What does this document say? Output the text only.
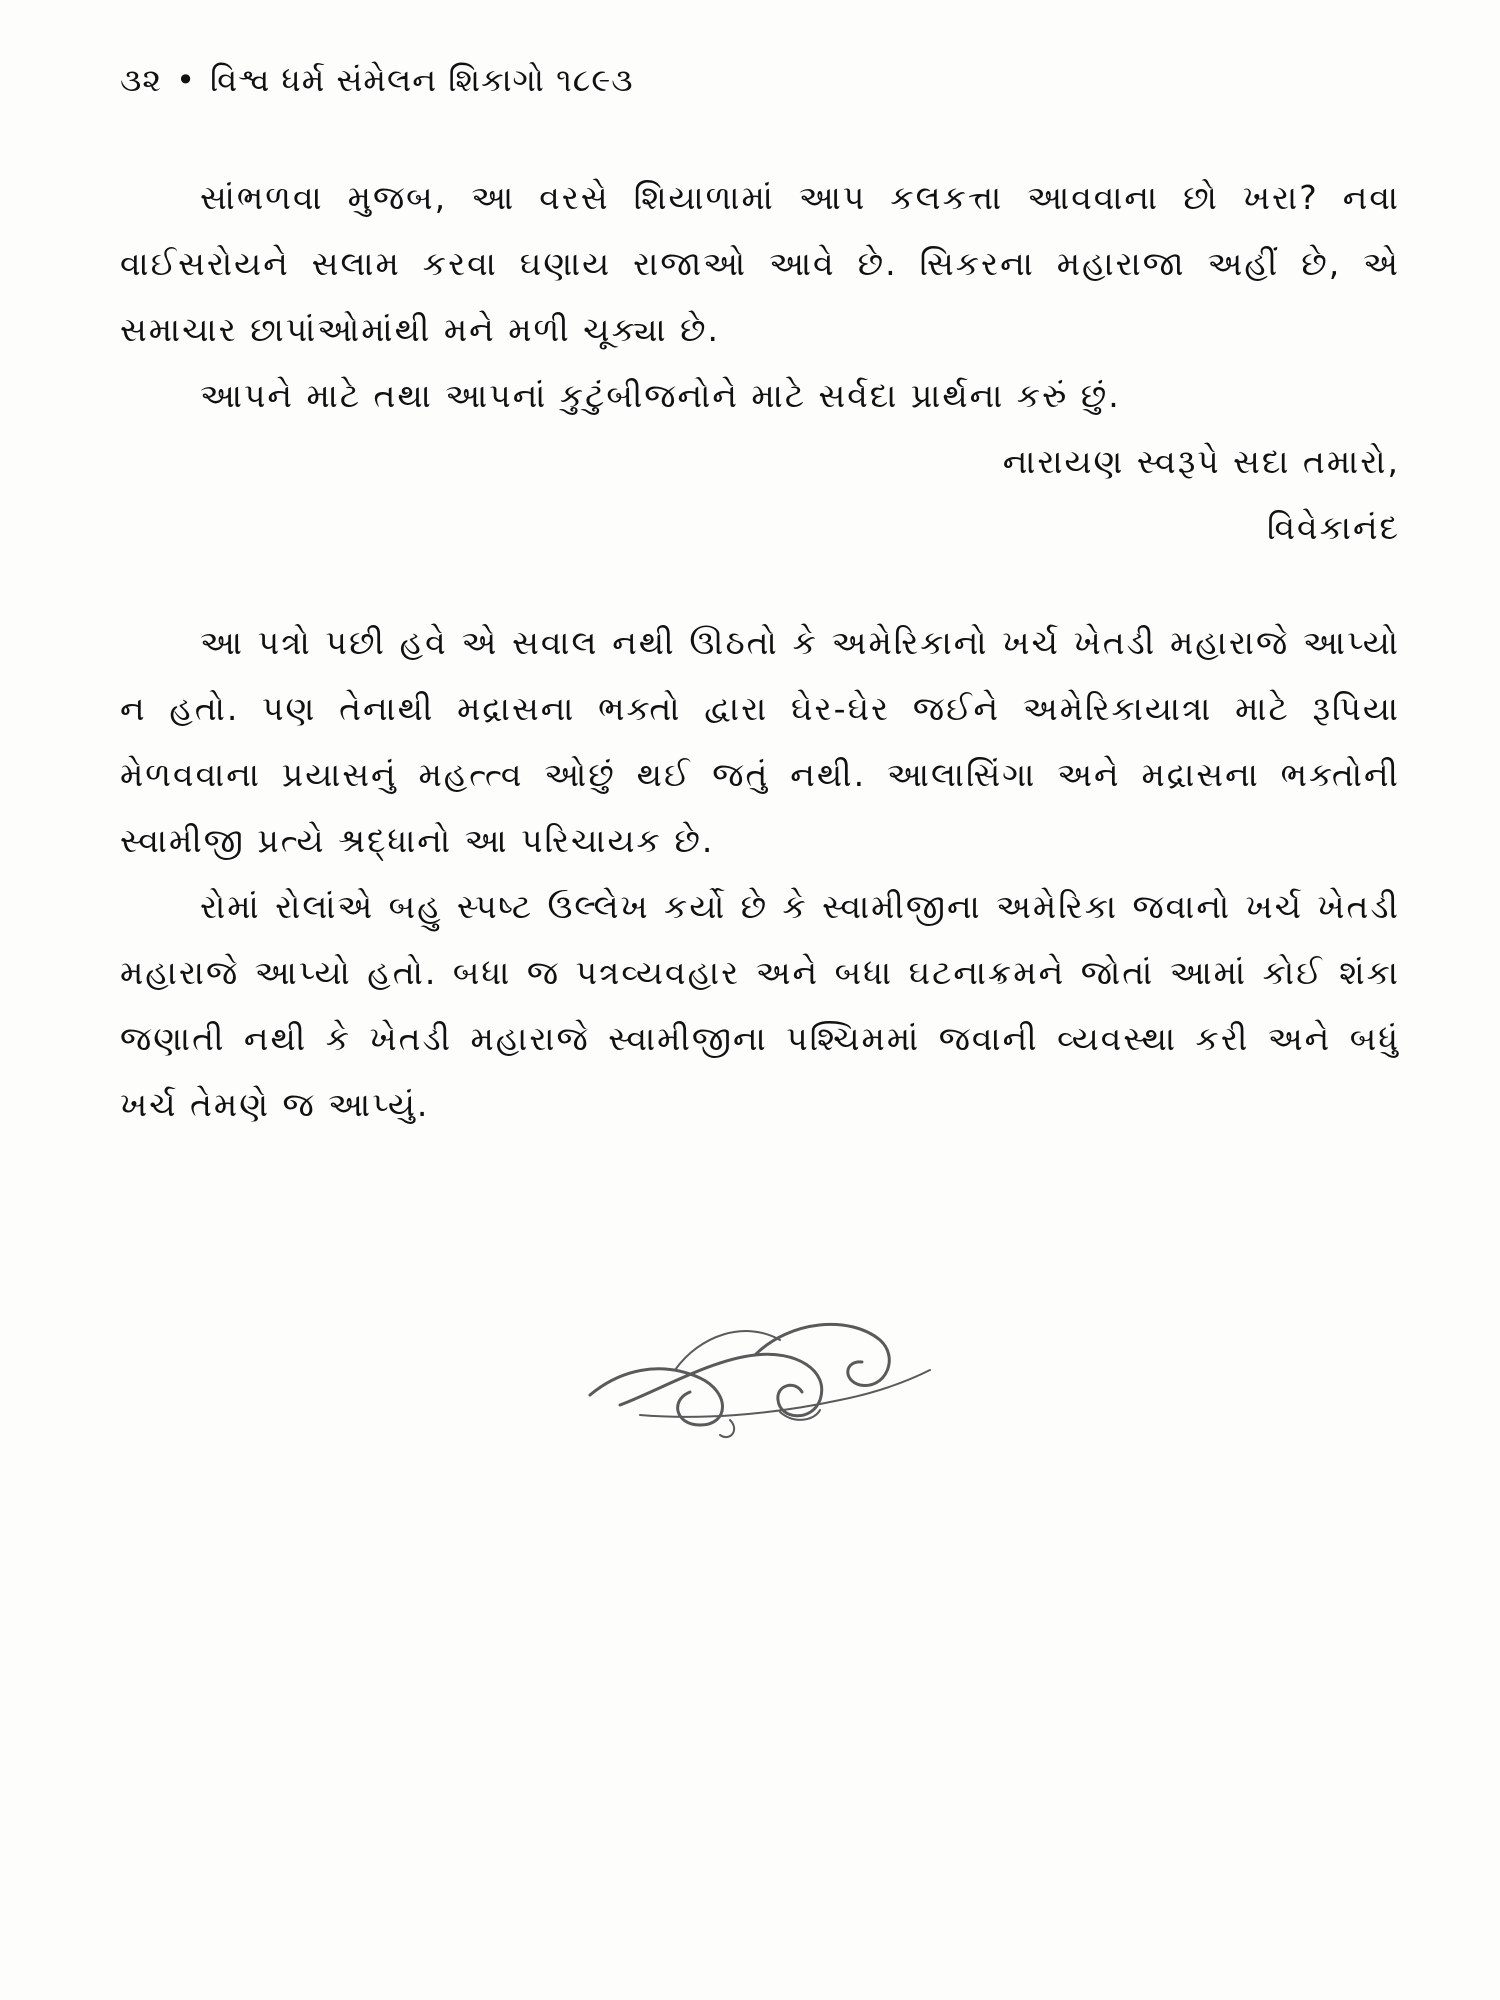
૩૨ • વિશ્વ ધર્મ સંમેલન શિકાગો ૧૮૯૩

સાંભળવા મુજબ, આ વરસે શિયાળામાં આપ કલકત્તા આવવાના છો ખરા? નવા વાઈસરોયને સલામ કરવા ઘણાય રાજાઓ આવે છે. સિકરના મહારાજા અહીં છે, એ સમાચાર છાપાંઓમાંથી મને મળી ચૂક્યા છે.

આપને માટે તથા આપનાં કુટુંબીજનોને માટે સર્વદા પ્રાર્થના કરું છું.

નારાયણ સ્વરૂપે સદા તમારો,

વિવેકાનંદ

આ પત્રો પછી હવે એ સવાલ નથી ઊઠતો કે અમેરિકાનો ખર્ચ ખેતડી મહારાજે આપ્યો ન હતો. પણ તેનાથી મદ્રાસના ભક્તો દ્વારા ઘેર-ઘેર જઈને અમેરિકાયાત્રા માટે રૂપિયા મેળવવાના પ્રયાસનું મહત્ત્વ ઓછું થઈ જતું નથી. આલાસિંગા અને મદ્રાસના ભક્તોની સ્વામીજી પ્રત્યે શ્રદ્ધાનો આ પરિચાયક છે.

રોમાં રોલાંએ બહુ સ્પષ્ટ ઉલ્લેખ કર્યો છે કે સ્વામીજીના અમેરિકા જવાનો ખર્ચ ખેતડી મહારાજે આપ્યો હતો. બધા જ પત્રવ્યવહાર અને બધા ઘટનાક્રમને જોતાં આમાં કોઈ શંકા જણાતી નથી કે ખેતડી મહારાજે સ્વામીજીના પશ્ચિમમાં જવાની વ્યવસ્થા કરી અને બધું ખર્ચ તેમણે જ આપ્યું.
